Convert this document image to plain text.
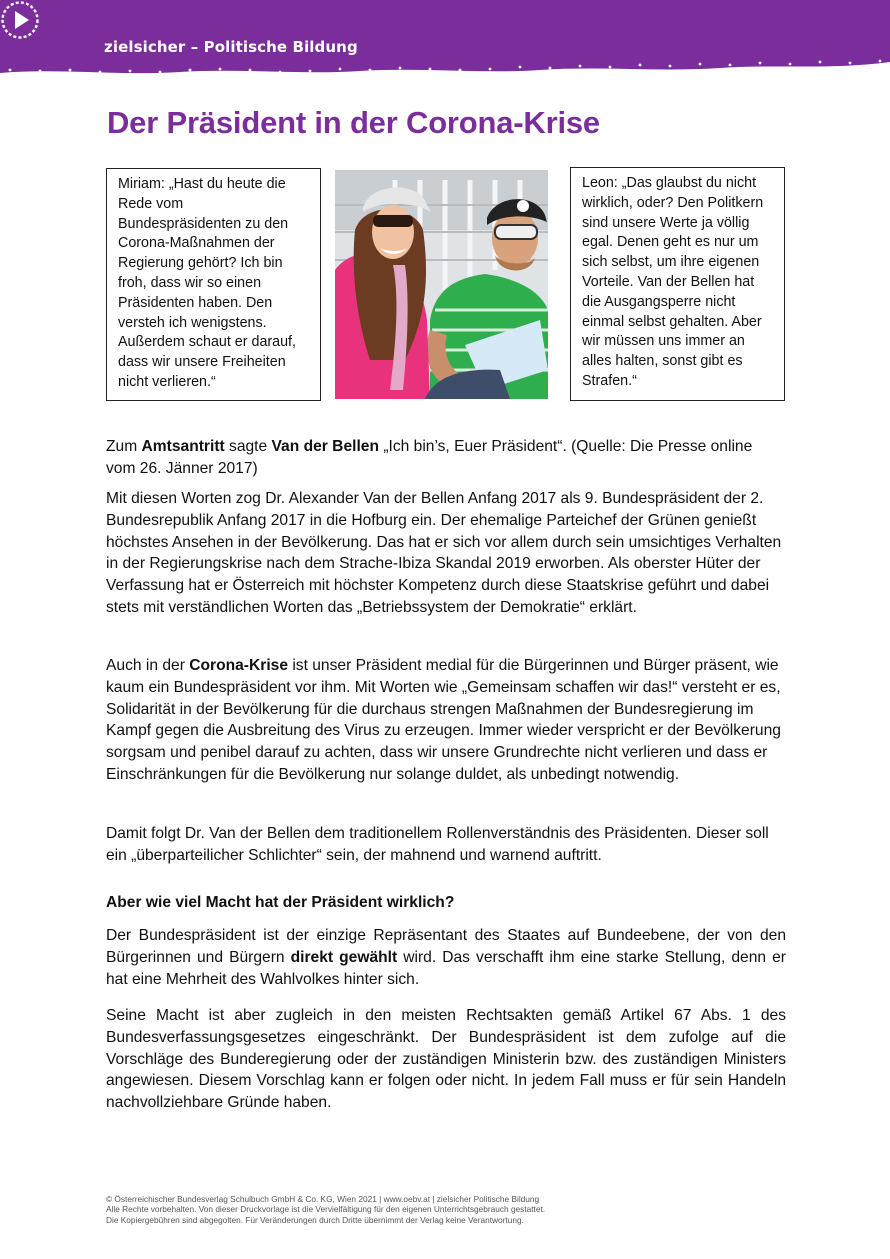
zielsicher – Politische Bildung
Der Präsident in der Corona-Krise
Miriam: „Hast du heute die Rede vom Bundespräsidenten zu den Corona-Maßnahmen der Regierung gehört? Ich bin froh, dass wir so einen Präsidenten haben. Den versteh ich wenigstens. Außerdem schaut er darauf, dass wir unsere Freiheiten nicht verlieren.“
Leon: „Das glaubst du nicht wirklich, oder? Den Politkern sind unsere Werte ja völlig egal. Denen geht es nur um sich selbst, um ihre eigenen Vorteile. Van der Bellen hat die Ausgangsperre nicht einmal selbst gehalten. Aber wir müssen uns immer an alles halten, sonst gibt es Strafen.“

Zum Amtsantritt sagte Van der Bellen „Ich bin’s, Euer Präsident“. (Quelle: Die Presse online vom 26. Jänner 2017)

Mit diesen Worten zog Dr. Alexander Van der Bellen Anfang 2017 als 9. Bundespräsident der 2. Bundesrepublik Anfang 2017 in die Hofburg ein. Der ehemalige Parteichef der Grünen genießt höchstes Ansehen in der Bevölkerung. Das hat er sich vor allem durch sein umsichtiges Verhalten in der Regierungskrise nach dem Strache-Ibiza Skandal 2019 erworben. Als oberster Hüter der Verfassung hat er Österreich mit höchster Kompetenz durch diese Staatskrise geführt und dabei stets mit verständlichen Worten das „Betriebssystem der Demokratie“ erklärt.

Auch in der Corona-Krise ist unser Präsident medial für die Bürgerinnen und Bürger präsent, wie kaum ein Bundespräsident vor ihm. Mit Worten wie „Gemeinsam schaffen wir das!“ versteht er es, Solidarität in der Bevölkerung für die durchaus strengen Maßnahmen der Bundesregierung im Kampf gegen die Ausbreitung des Virus zu erzeugen. Immer wieder verspricht er der Bevölkerung sorgsam und penibel darauf zu achten, dass wir unsere Grundrechte nicht verlieren und dass er Einschränkungen für die Bevölkerung nur solange duldet, als unbedingt notwendig.

Damit folgt Dr. Van der Bellen dem traditionellem Rollenverständnis des Präsidenten. Dieser soll ein „überparteilicher Schlichter“ sein, der mahnend und warnend auftritt.

Aber wie viel Macht hat der Präsident wirklich?

Der Bundespräsident ist der einzige Repräsentant des Staates auf Bundeebene, der von den Bürgerinnen und Bürgern direkt gewählt wird. Das verschafft ihm eine starke Stellung, denn er hat eine Mehrheit des Wahlvolkes hinter sich.

Seine Macht ist aber zugleich in den meisten Rechtsakten gemäß Artikel 67 Abs. 1 des Bundesverfassungsgesetzes eingeschränkt. Der Bundespräsident ist dem zufolge auf die Vorschläge des Bunderegierung oder der zuständigen Ministerin bzw. des zuständigen Ministers angewiesen. Diesem Vorschlag kann er folgen oder nicht. In jedem Fall muss er für sein Handeln nachvollziehbare Gründe haben.

© Österreichischer Bundesverlag Schulbuch GmbH & Co. KG, Wien 2021 | www.oebv.at | zielsicher Politische Bildung
Alle Rechte vorbehalten. Von dieser Druckvorlage ist die Vervielfältigung für den eigenen Unterrichtsgebrauch gestattet.
Die Kopiergebühren sind abgegolten. Für Veränderungen durch Dritte übernimmt der Verlag keine Verantwortung.
